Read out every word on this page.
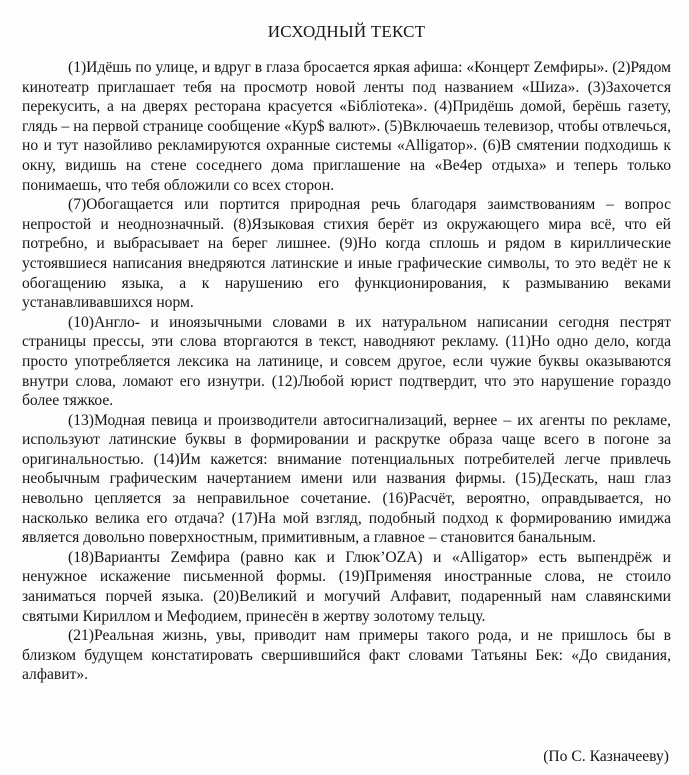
ИСХОДНЫЙ ТЕКСТ

(1)Идёшь по улице, и вдруг в глаза бросается яркая афиша: «Концерт Zемфиры». (2)Рядом кинотеатр приглашает тебя на просмотр новой ленты под названием «Шиzа». (3)Захочется перекусить, а на дверях ресторана красуется «Бiблiотека». (4)Придёшь домой, берёшь газету, глядь – на первой странице сообщение «Кур$ валют». (5)Включаешь телевизор, чтобы отвлечься, но и тут назойливо рекламируются охранные системы «Аlligатор». (6)В смятении подходишь к окну, видишь на стене соседнего дома приглашение на «Ве4ер отдыха» и теперь только понимаешь, что тебя обложили со всех сторон.

(7)Обогащается или портится природная речь благодаря заимствованиям – вопрос непростой и неоднозначный. (8)Языковая стихия берёт из окружающего мира всё, что ей потребно, и выбрасывает на берег лишнее. (9)Но когда сплошь и рядом в кириллические устоявшиеся написания внедряются латинские и иные графические символы, то это ведёт не к обогащению языка, а к нарушению его функционирования, к размыванию веками устанавливавшихся норм.

(10)Англо- и иноязычными словами в их натуральном написании сегодня пестрят страницы прессы, эти слова вторгаются в текст, наводняют рекламу. (11)Но одно дело, когда просто употребляется лексика на латинице, и совсем другое, если чужие буквы оказываются внутри слова, ломают его изнутри. (12)Любой юрист подтвердит, что это нарушение гораздо более тяжкое.

(13)Модная певица и производители автосигнализаций, вернее – их агенты по рекламе, используют латинские буквы в формировании и раскрутке образа чаще всего в погоне за оригинальностью. (14)Им кажется: внимание потенциальных потребителей легче привлечь необычным графическим начертанием имени или названия фирмы. (15)Дескать, наш глаз невольно цепляется за неправильное сочетание. (16)Расчёт, вероятно, оправдывается, но насколько велика его отдача? (17)На мой взгляд, подобный подход к формированию имиджа является довольно поверхностным, примитивным, а главное – становится банальным.

(18)Варианты Zемфира (равно как и Глюк’OZA) и «Аlligатор» есть выпендрёж и ненужное искажение письменной формы. (19)Применяя иностранные слова, не стоило заниматься порчей языка. (20)Великий и могучий Алфавит, подаренный нам славянскими святыми Кириллом и Мефодием, принесён в жертву золотому тельцу.

(21)Реальная жизнь, увы, приводит нам примеры такого рода, и не пришлось бы в близком будущем констатировать свершившийся факт словами Татьяны Бек: «До свидания, алфавит».

(По С. Казначееву)
